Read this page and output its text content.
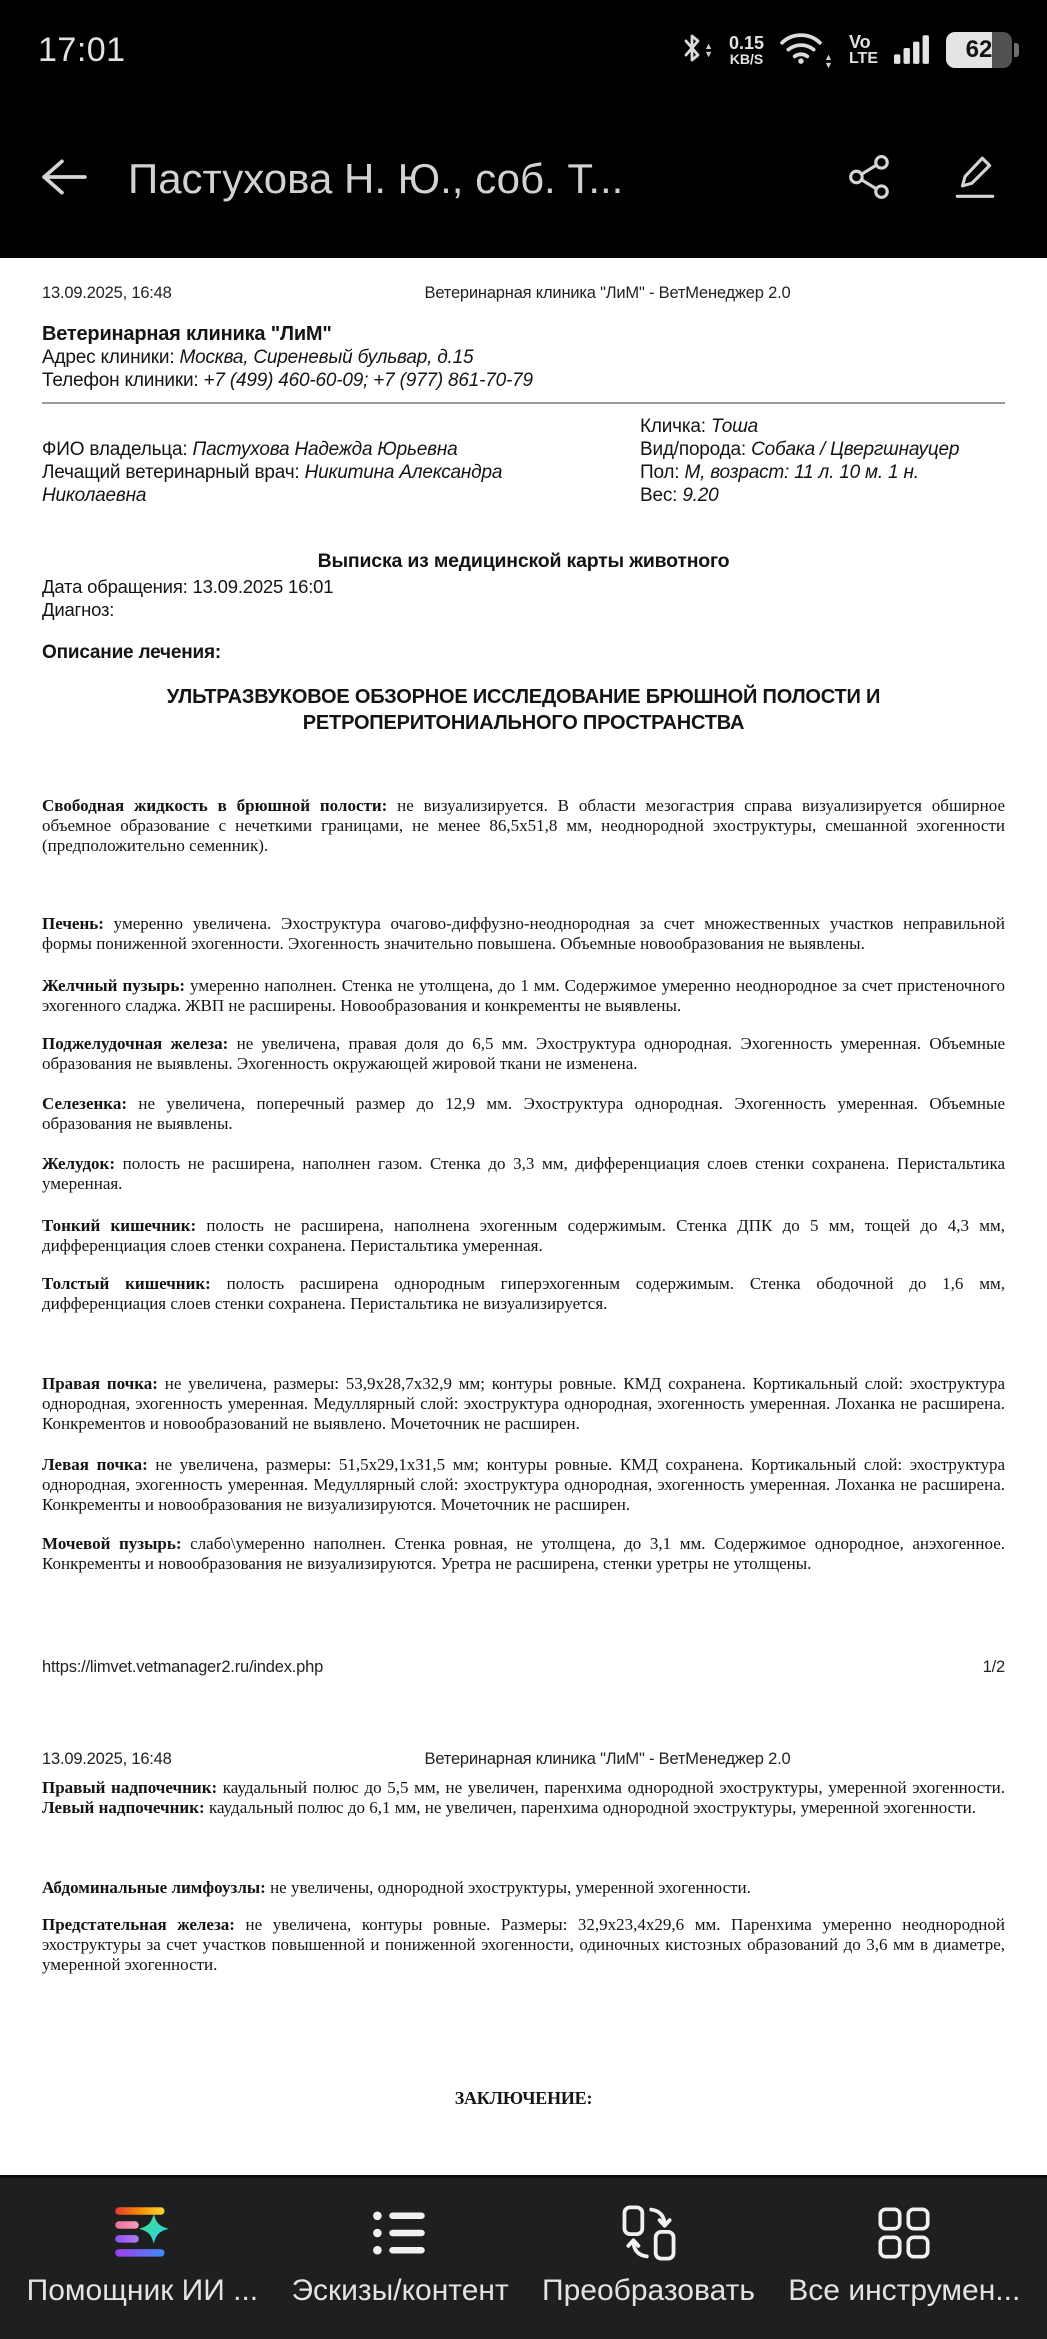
17:01	▲
▼
0.15
KB/S	▲
▼
Vo
LTE	62
Пастухова Н. Ю., соб. Т...
13.09.2025, 16:48	Ветеринарная клиника "ЛиМ" - ВетМенеджер 2.0
Ветеринарная клиника "ЛиМ"
Адрес клиники: Москва, Сиреневый бульвар, д.15
Телефон клиники: +7 (499) 460-60-09; +7 (977) 861-70-79
ФИО владельца: Пастухова Надежда Юрьевна
Лечащий ветеринарный врач: Никитина Александра Николаевна
Кличка: Тоша
Вид/порода: Собака / Цвергшнауцер
Пол: М, возраст: 11 л. 10 м. 1 н.
Вес: 9.20
Выписка из медицинской карты животного
Дата обращения: 13.09.2025 16:01
Диагноз:
Описание лечения:
УЛЬТРАЗВУКОВОЕ ОБЗОРНОЕ ИССЛЕДОВАНИЕ БРЮШНОЙ ПОЛОСТИ И РЕТРОПЕРИТОНИАЛЬНОГО ПРОСТРАНСТВА

Свободная жидкость в брюшной полости: не визуализируется. В области мезогастрия справа визуализируется обширное объемное образование с нечеткими границами, не менее 86,5х51,8 мм, неоднородной эхоструктуры, смешанной эхогенности (предположительно семенник).

Печень: умеренно увеличена. Эхоструктура очагово-диффузно-неоднородная за счет множественных участков неправильной формы пониженной эхогенности. Эхогенность значительно повышена. Объемные новообразования не выявлены.

Желчный пузырь: умеренно наполнен. Стенка не утолщена, до 1 мм. Содержимое умеренно неоднородное за счет пристеночного эхогенного сладжа. ЖВП не расширены. Новообразования и конкременты не выявлены.

Поджелудочная железа: не увеличена, правая доля до 6,5 мм. Эхоструктура однородная. Эхогенность умеренная. Объемные образования не выявлены. Эхогенность окружающей жировой ткани не изменена.

Селезенка: не увеличена, поперечный размер до 12,9 мм. Эхоструктура однородная. Эхогенность умеренная. Объемные образования не выявлены.

Желудок: полость не расширена, наполнен газом. Стенка до 3,3 мм, дифференциация слоев стенки сохранена. Перистальтика умеренная.

Тонкий кишечник: полость не расширена, наполнена эхогенным содержимым. Стенка ДПК до 5 мм, тощей до 4,3 мм, дифференциация слоев стенки сохранена. Перистальтика умеренная.

Толстый кишечник: полость расширена однородным гиперэхогенным содержимым. Стенка ободочной до 1,6 мм, дифференциация слоев стенки сохранена. Перистальтика не визуализируется.

Правая почка: не увеличена, размеры: 53,9х28,7х32,9 мм; контуры ровные. КМД сохранена. Кортикальный слой: эхоструктура однородная, эхогенность умеренная. Медуллярный слой: эхоструктура однородная, эхогенность умеренная. Лоханка не расширена. Конкрементов и новообразований не выявлено. Мочеточник не расширен.

Левая почка: не увеличена, размеры: 51,5х29,1х31,5 мм; контуры ровные. КМД сохранена. Кортикальный слой: эхоструктура однородная, эхогенность умеренная. Медуллярный слой: эхоструктура однородная, эхогенность умеренная. Лоханка не расширена. Конкременты и новообразования не визуализируются. Мочеточник не расширен.

Мочевой пузырь: слабо\умеренно наполнен. Стенка ровная, не утолщена, до 3,1 мм. Содержимое однородное, анэхогенное. Конкременты и новообразования не визуализируются. Уретра не расширена, стенки уретры не утолщены.

https://limvet.vetmanager2.ru/index.php	1/2
13.09.2025, 16:48	Ветеринарная клиника "ЛиМ" - ВетМенеджер 2.0

Правый надпочечник: каудальный полюс до 5,5 мм, не увеличен, паренхима однородной эхоструктуры, умеренной эхогенности. Левый надпочечник: каудальный полюс до 6,1 мм, не увеличен, паренхима однородной эхоструктуры, умеренной эхогенности.

Абдоминальные лимфоузлы: не увеличены, однородной эхоструктуры, умеренной эхогенности.

Предстательная железа: не увеличена, контуры ровные. Размеры: 32,9х23,4х29,6 мм. Паренхима умеренно неоднородной эхоструктуры за счет участков повышенной и пониженной эхогенности, одиночных кистозных образований до 3,6 мм в диаметре, умеренной эхогенности.

ЗАКЛЮЧЕНИЕ:
Помощник ИИ ... Эскизы/контент Преобразовать Все инструмен...
